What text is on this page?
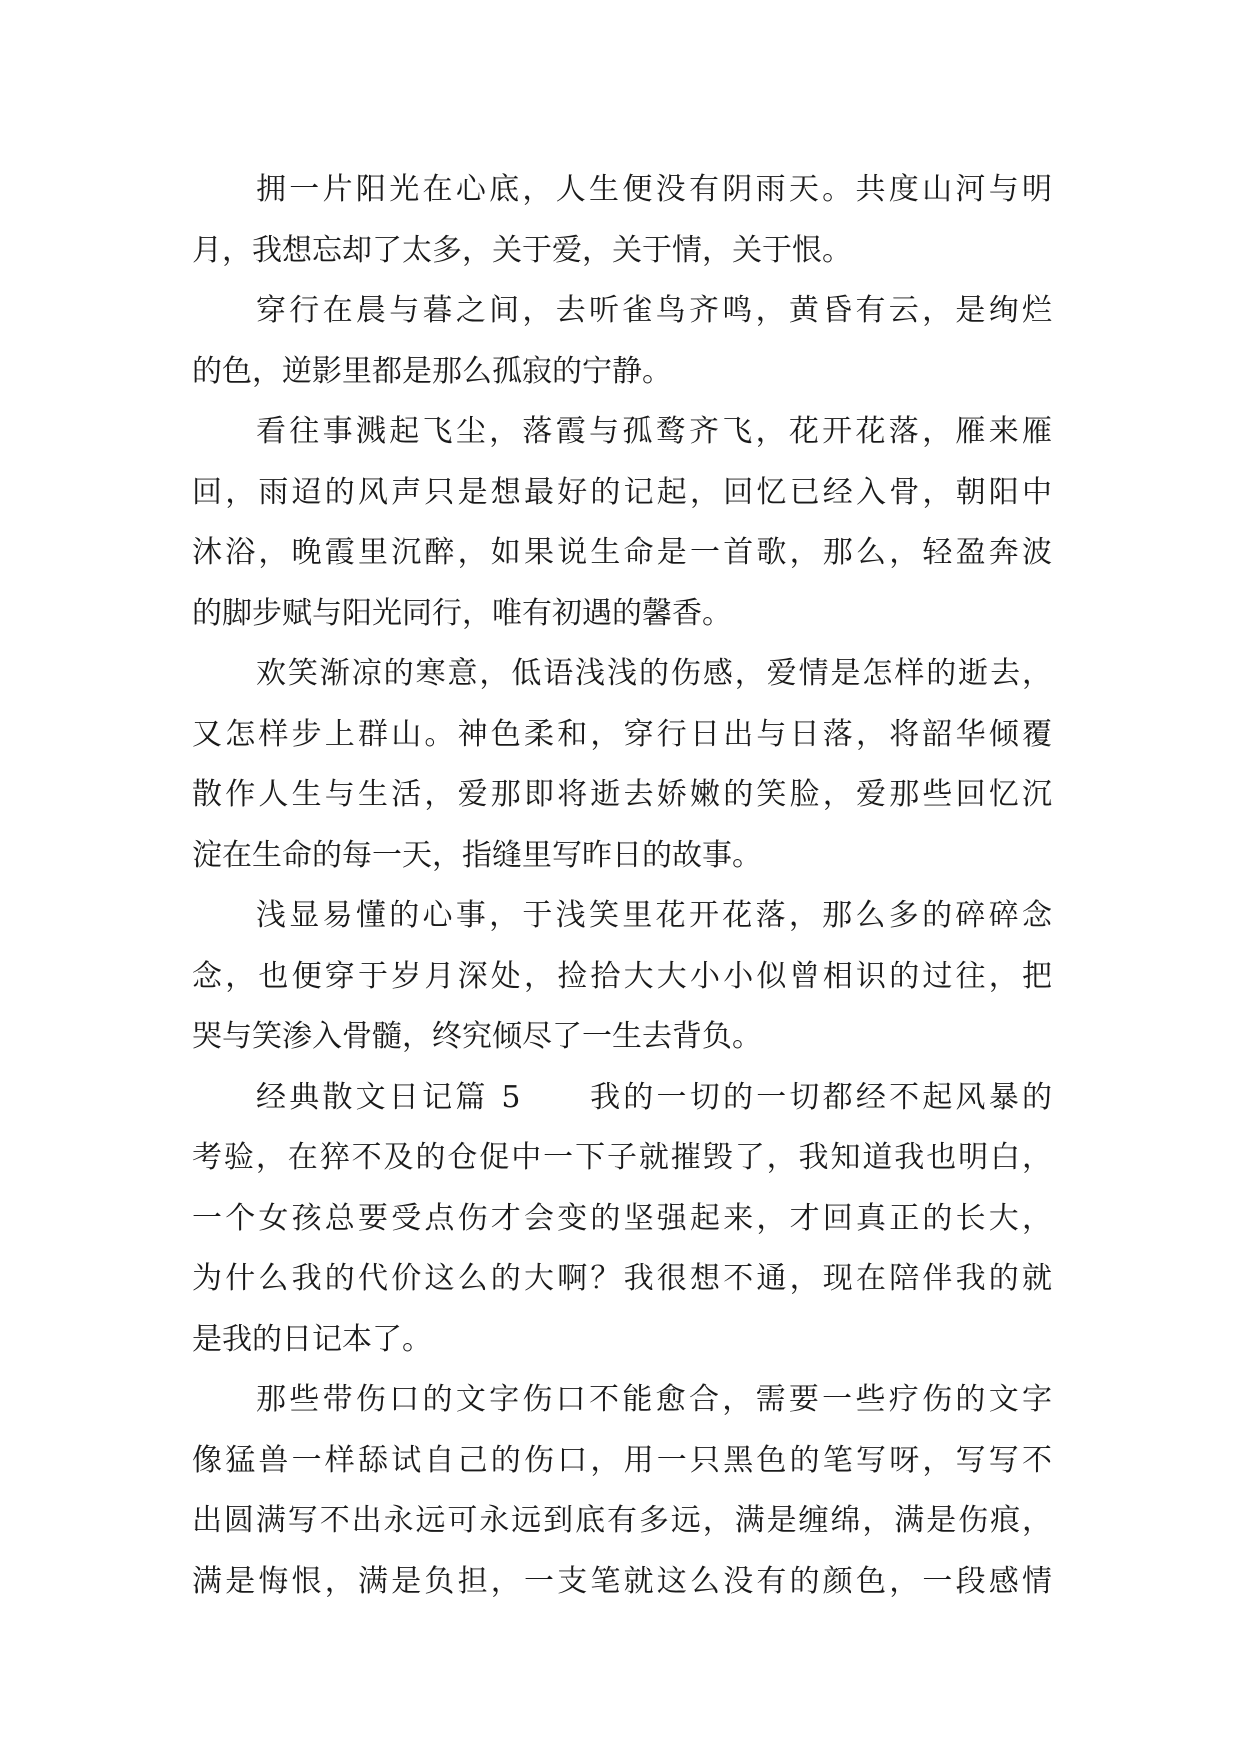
拥一片阳光在心底，人生便没有阴雨天。共度山河与明
月，我想忘却了太多，关于爱，关于情，关于恨。
穿行在晨与暮之间，去听雀鸟齐鸣，黄昏有云，是绚烂
的色，逆影里都是那么孤寂的宁静。
看往事溅起飞尘，落霞与孤鹜齐飞，花开花落，雁来雁
回，雨迢的风声只是想最好的记起，回忆已经入骨，朝阳中
沐浴，晚霞里沉醉，如果说生命是一首歌，那么，轻盈奔波
的脚步赋与阳光同行，唯有初遇的馨香。
欢笑渐凉的寒意，低语浅浅的伤感，爱情是怎样的逝去，
又怎样步上群山。神色柔和，穿行日出与日落，将韶华倾覆
散作人生与生活，爱那即将逝去娇嫩的笑脸，爱那些回忆沉
淀在生命的每一天，指缝里写昨日的故事。
浅显易懂的心事，于浅笑里花开花落，那么多的碎碎念
念，也便穿于岁月深处，捡拾大大小小似曾相识的过往，把
哭与笑渗入骨髓，终究倾尽了一生去背负。
经典散文日记篇 5　　我的一切的一切都经不起风暴的
考验，在猝不及的仓促中一下子就摧毁了，我知道我也明白，
一个女孩总要受点伤才会变的坚强起来，才回真正的长大，
为什么我的代价这么的大啊？我很想不通，现在陪伴我的就
是我的日记本了。
那些带伤口的文字伤口不能愈合，需要一些疗伤的文字
像猛兽一样舔试自己的伤口，用一只黑色的笔写呀，写写不
出圆满写不出永远可永远到底有多远，满是缠绵，满是伤痕，
满是悔恨，满是负担，一支笔就这么没有的颜色，一段感情
